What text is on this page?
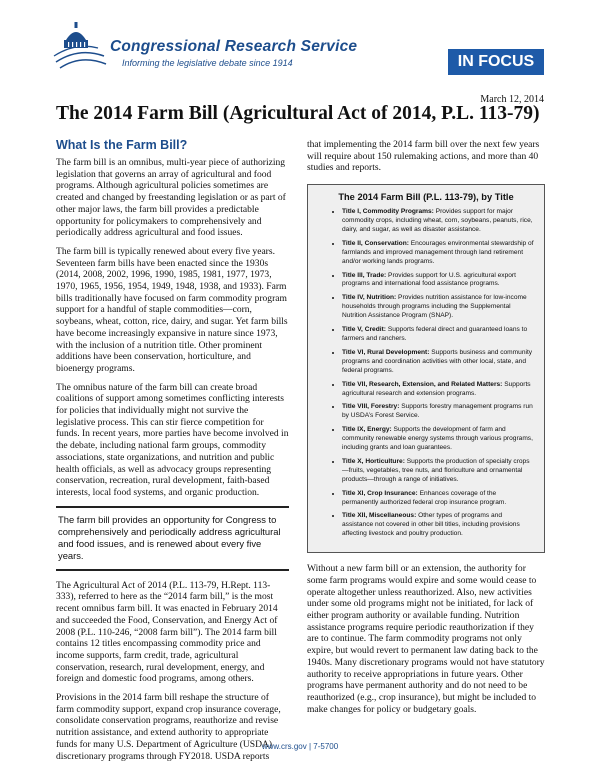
Congressional Research Service
Informing the legislative debate since 1914	IN FOCUS
March 12, 2014
The 2014 Farm Bill (Agricultural Act of 2014, P.L. 113-79)
What Is the Farm Bill?

The farm bill is an omnibus, multi-year piece of authorizing legislation that governs an array of agricultural and food programs. Although agricultural policies sometimes are created and changed by freestanding legislation or as part of other major laws, the farm bill provides a predictable opportunity for policymakers to comprehensively and periodically address agricultural and food issues.

The farm bill is typically renewed about every five years. Seventeen farm bills have been enacted since the 1930s (2014, 2008, 2002, 1996, 1990, 1985, 1981, 1977, 1973, 1970, 1965, 1956, 1954, 1949, 1948, 1938, and 1933). Farm bills traditionally have focused on farm commodity program support for a handful of staple commodities—corn, soybeans, wheat, cotton, rice, dairy, and sugar. Yet farm bills have become increasingly expansive in nature since 1973, with the inclusion of a nutrition title. Other prominent additions have been conservation, horticulture, and bioenergy programs.

The omnibus nature of the farm bill can create broad coalitions of support among sometimes conflicting interests for policies that individually might not survive the legislative process. This can stir fierce competition for funds. In recent years, more parties have become involved in the debate, including national farm groups, commodity associations, state organizations, and nutrition and public health officials, as well as advocacy groups representing conservation, recreation, rural development, faith-based interests, local food systems, and organic production.

The farm bill provides an opportunity for Congress to comprehensively and periodically address agricultural and food issues, and is renewed about every five years.

The Agricultural Act of 2014 (P.L. 113-79, H.Rept. 113-333), referred to here as the “2014 farm bill,” is the most recent omnibus farm bill. It was enacted in February 2014 and succeeded the Food, Conservation, and Energy Act of 2008 (P.L. 110-246, “2008 farm bill”). The 2014 farm bill contains 12 titles encompassing commodity price and income supports, farm credit, trade, agricultural conservation, research, rural development, energy, and foreign and domestic food programs, among others.

Provisions in the 2014 farm bill reshape the structure of farm commodity support, expand crop insurance coverage, consolidate conservation programs, reauthorize and revise nutrition assistance, and extend authority to appropriate funds for many U.S. Department of Agriculture (USDA) discretionary programs through FY2018. USDA reports

that implementing the 2014 farm bill over the next few years will require about 150 rulemaking actions, and more than 40 studies and reports.

The 2014 Farm Bill (P.L. 113-79), by Title
• Title I, Commodity Programs: Provides support for major commodity crops, including wheat, corn, soybeans, peanuts, rice, dairy, and sugar, as well as disaster assistance.
• Title II, Conservation: Encourages environmental stewardship of farmlands and improved management through land retirement and/or working lands programs.
• Title III, Trade: Provides support for U.S. agricultural export programs and international food assistance programs.
• Title IV, Nutrition: Provides nutrition assistance for low-income households through programs including the Supplemental Nutrition Assistance Program (SNAP).
• Title V, Credit: Supports federal direct and guaranteed loans to farmers and ranchers.
• Title VI, Rural Development: Supports business and community programs and coordination activities with other local, state, and federal programs.
• Title VII, Research, Extension, and Related Matters: Supports agricultural research and extension programs.
• Title VIII, Forestry: Supports forestry management programs run by USDA’s Forest Service.
• Title IX, Energy: Supports the development of farm and community renewable energy systems through various programs, including grants and loan guarantees.
• Title X, Horticulture: Supports the production of specialty crops—fruits, vegetables, tree nuts, and floriculture and ornamental products—through a range of initiatives.
• Title XI, Crop Insurance: Enhances coverage of the permanently authorized federal crop insurance program.
• Title XII, Miscellaneous: Other types of programs and assistance not covered in other bill titles, including provisions affecting livestock and poultry production.

Without a new farm bill or an extension, the authority for some farm programs would expire and some would cease to operate altogether unless reauthorized. Also, new activities under some old programs might not be initiated, for lack of either program authority or available funding. Nutrition assistance programs require periodic reauthorization if they are to continue. The farm commodity programs not only expire, but would revert to permanent law dating back to the 1940s. Many discretionary programs would not have statutory authority to receive appropriations in future years. Other programs have permanent authority and do not need to be reauthorized (e.g., crop insurance), but might be included to make changes for policy or budgetary goals.

www.crs.gov | 7-5700
